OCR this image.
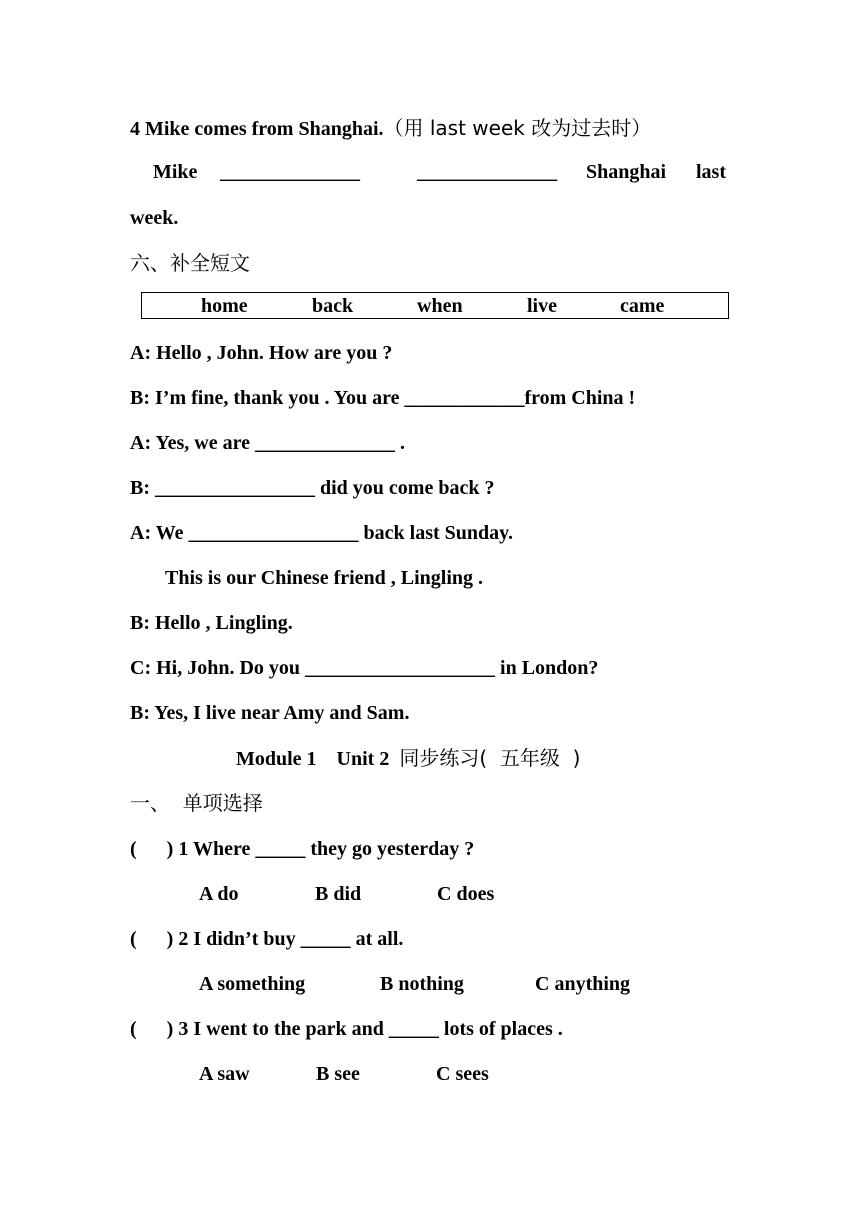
4 Mike comes from Shanghai.（用 last week 改为过去时）
Mike ______________	______________ Shanghai last
week.
六、补全短文
home	back	when	live	came
A: Hello , John. How are you ?
B: I’m fine, thank you . You are ____________from China !
A: Yes, we are ______________ .
B: ________________ did you come back ?
A: We _________________ back last Sunday.
This is our Chinese friend , Lingling .
B: Hello , Lingling.
C: Hi, John. Do you ___________________ in London?
B: Yes, I live near Amy and Sam.
Module 1    Unit 2  同步练习(  五年级  )
一、  单项选择
(      ) 1 Where _____ they go yesterday ?
A do	B did	C does
(      ) 2 I didn’t buy _____ at all.
A something	B nothing	C anything
(      ) 3 I went to the park and _____ lots of places .
A saw	B see	C sees
